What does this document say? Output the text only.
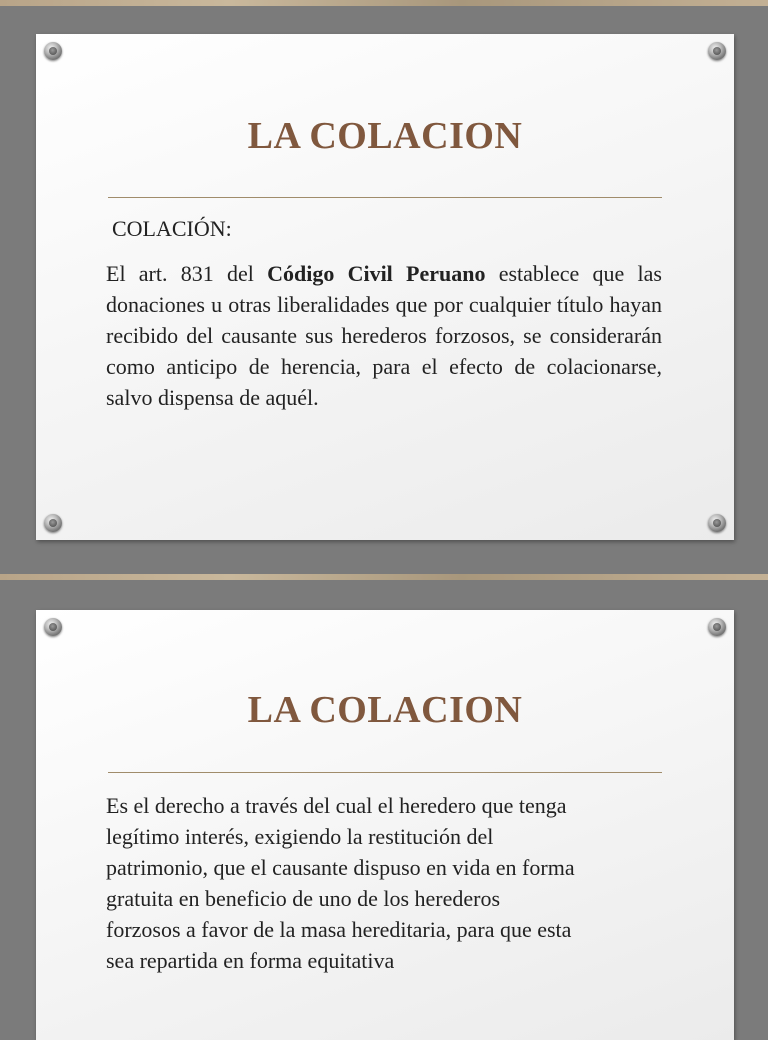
LA COLACION
COLACIÓN:
El art. 831 del Código Civil Peruano establece que las donaciones u otras liberalidades que por cualquier título hayan recibido del causante sus herederos forzosos, se considerarán como anticipo de herencia, para el efecto de colacionarse, salvo dispensa de aquél.
LA COLACION
Es el derecho a través del cual el heredero que tenga
legítimo interés, exigiendo la restitución del
patrimonio, que el causante dispuso en vida en forma
gratuita en beneficio de uno de los herederos
forzosos a favor de la masa hereditaria, para que esta
sea repartida en forma equitativa
